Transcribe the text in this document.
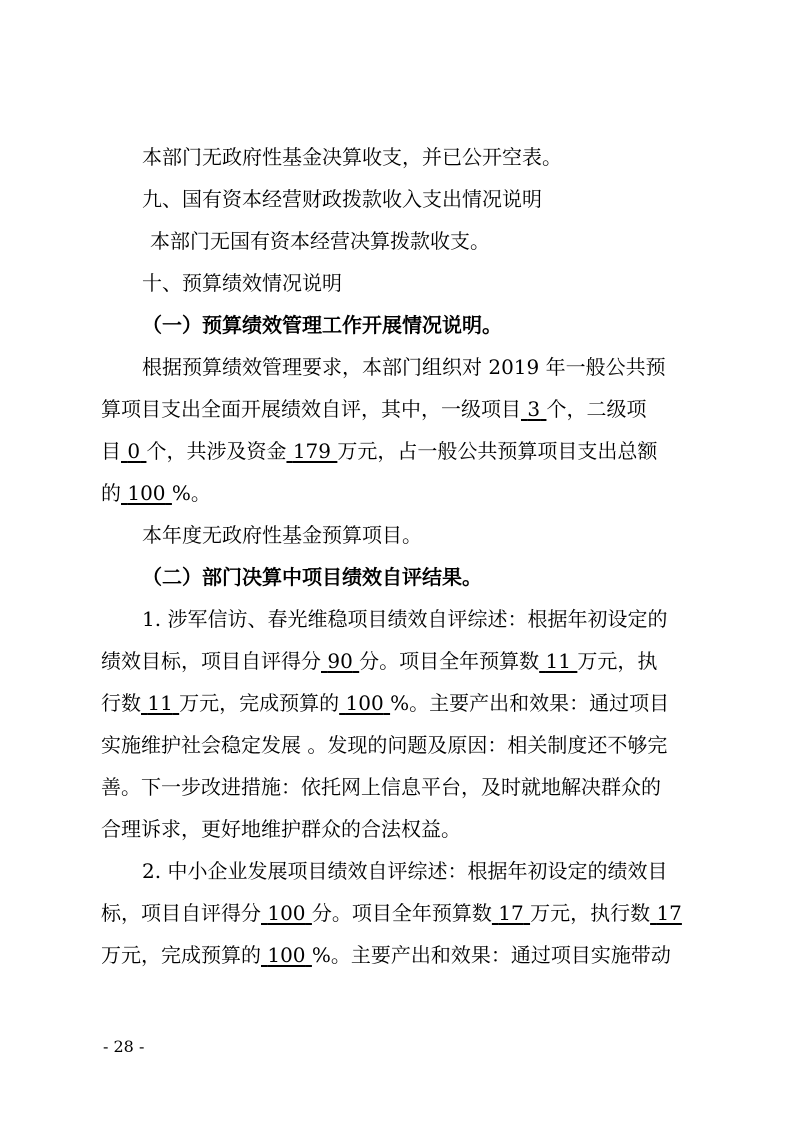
本部门无政府性基金决算收支，并已公开空表。
九、国有资本经营财政拨款收入支出情况说明
本部门无国有资本经营决算拨款收支。
十、预算绩效情况说明
（一）预算绩效管理工作开展情况说明。
根据预算绩效管理要求，本部门组织对 2019 年一般公共预
算项目支出全面开展绩效自评，其中，一级项目 3 个，二级项
目 0 个，共涉及资金 179 万元，占一般公共预算项目支出总额
的 100 %。
本年度无政府性基金预算项目。
（二）部门决算中项目绩效自评结果。
1. 涉军信访、春光维稳项目绩效自评综述：根据年初设定的
绩效目标，项目自评得分 90 分。项目全年预算数 11 万元，执
行数 11 万元，完成预算的 100 %。主要产出和效果：通过项目
实施维护社会稳定发展 。发现的问题及原因：相关制度还不够完
善。下一步改进措施：依托网上信息平台，及时就地解决群众的
合理诉求，更好地维护群众的合法权益。
2. 中小企业发展项目绩效自评综述：根据年初设定的绩效目
标，项目自评得分 100 分。项目全年预算数 17 万元，执行数 17
万元，完成预算的 100 %。主要产出和效果：通过项目实施带动
- 28 -
